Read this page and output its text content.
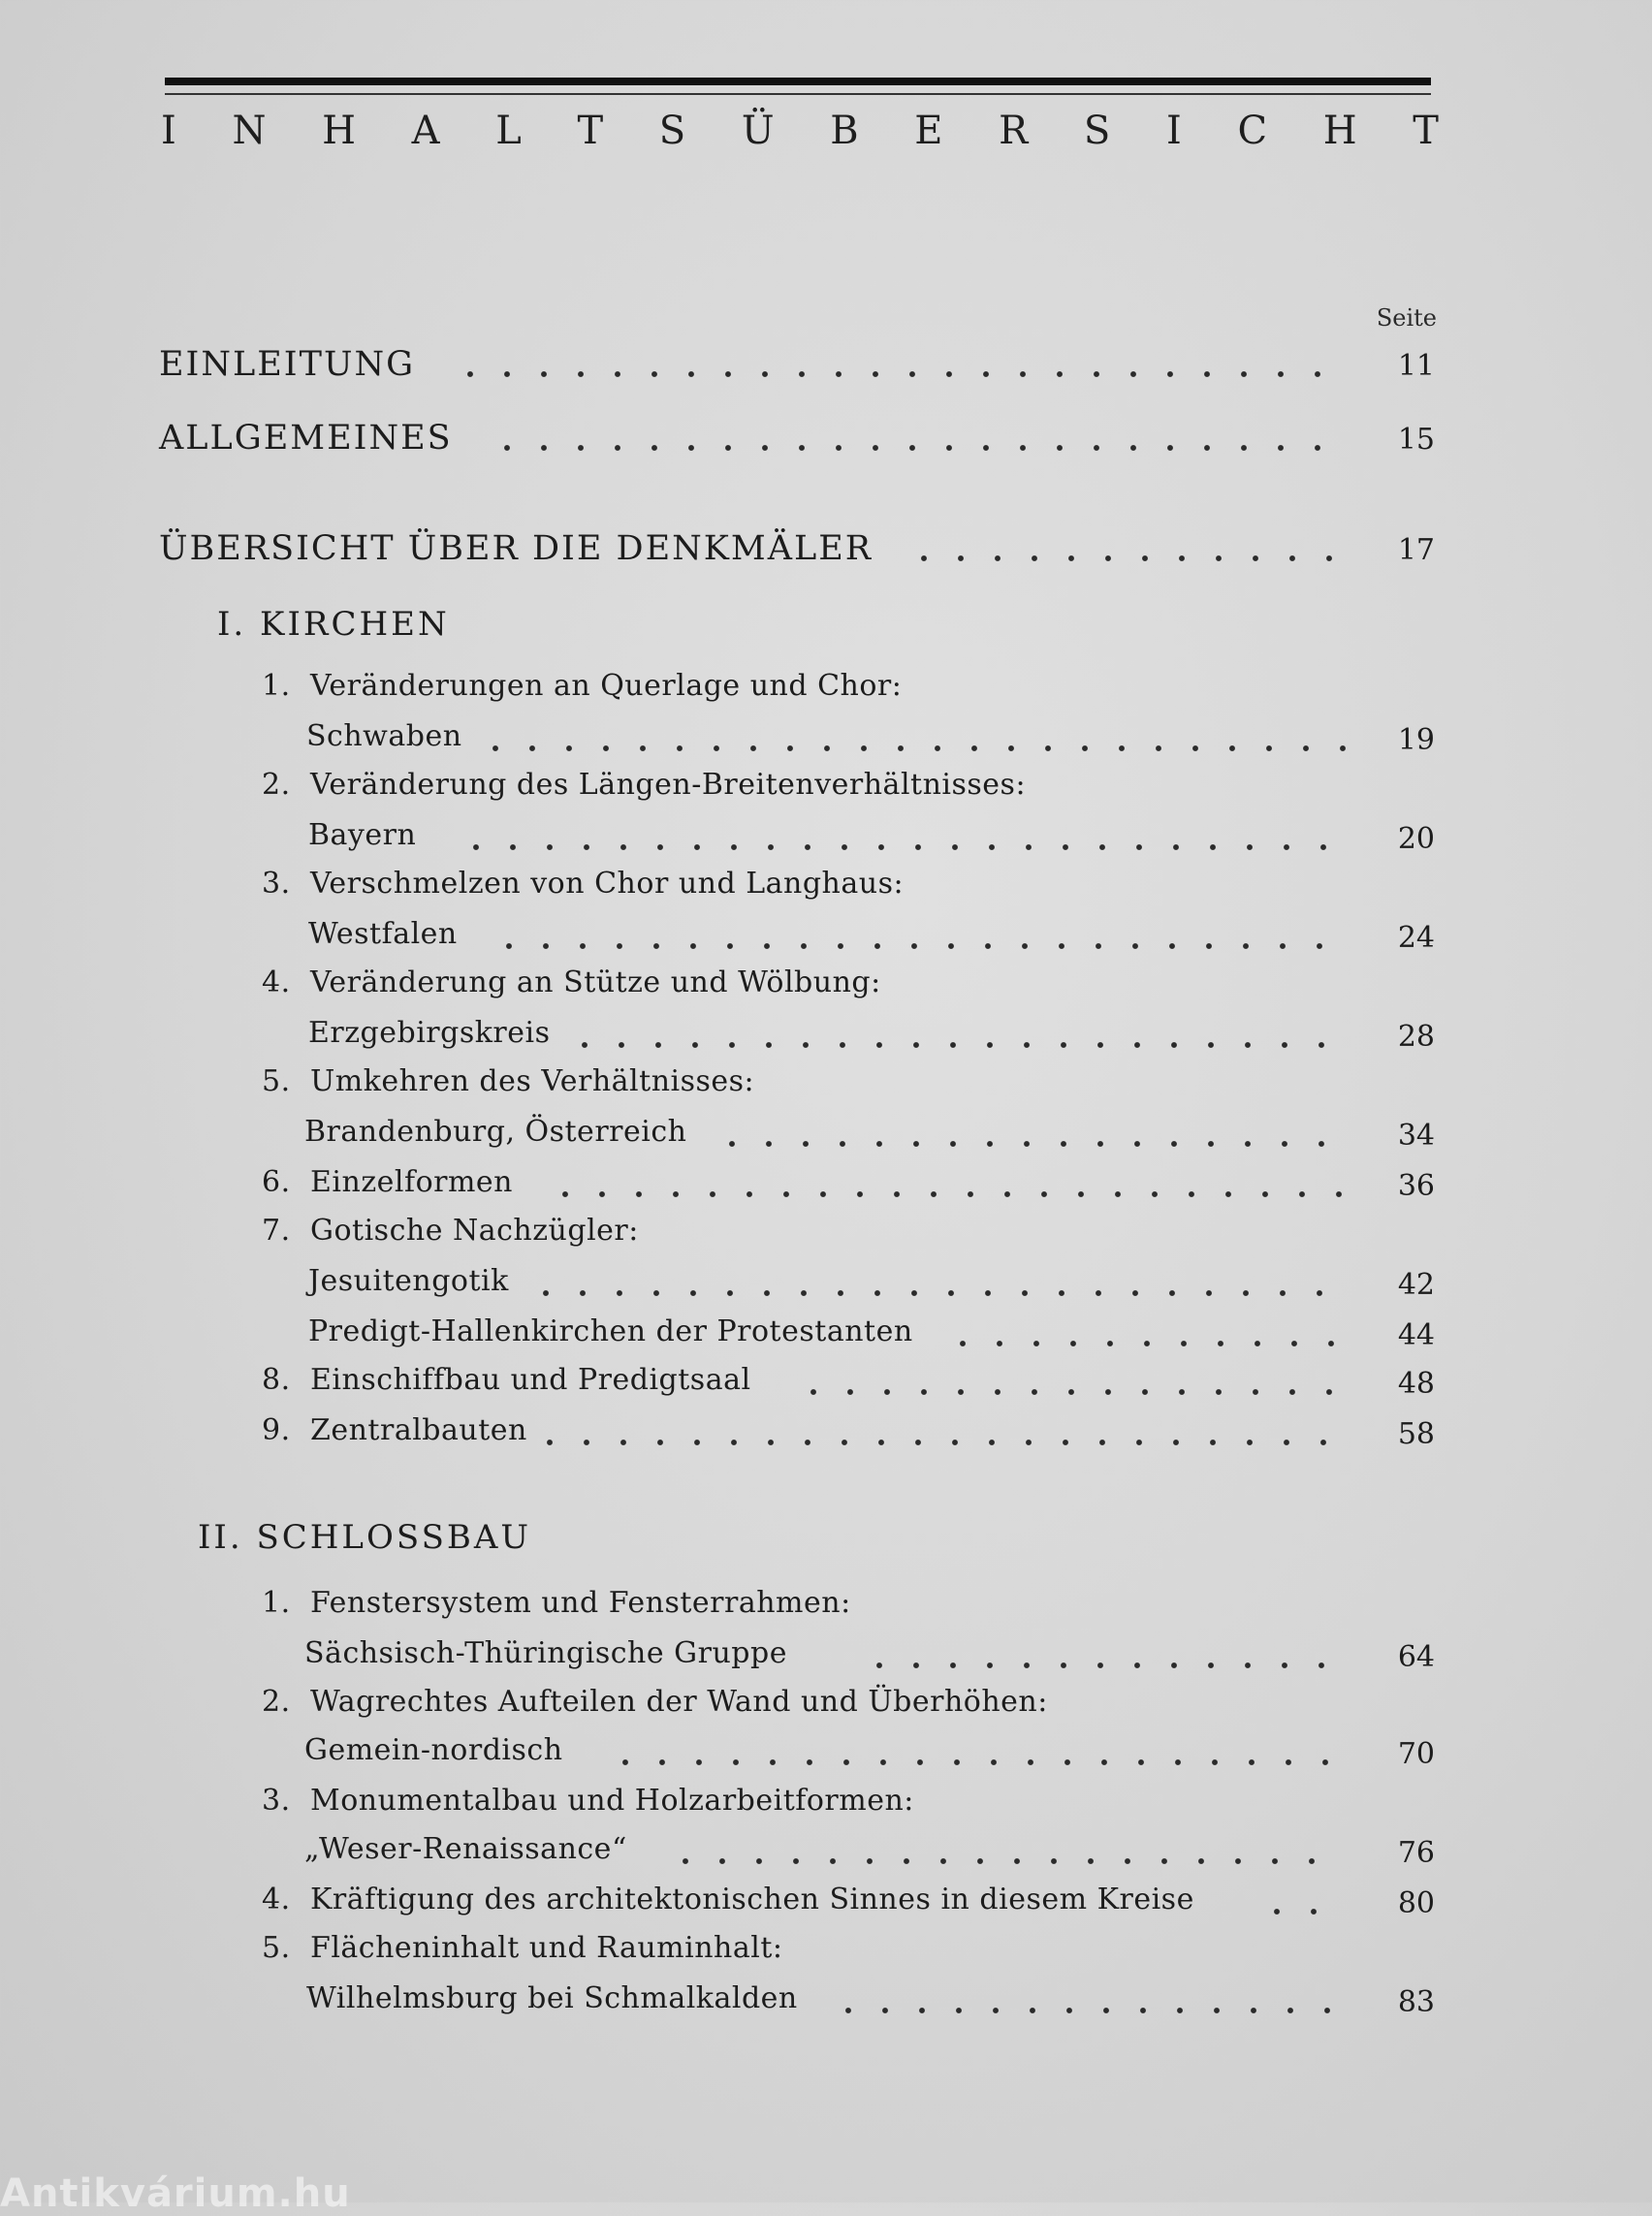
I N H A L T S Ü B E R S I C H T
Seite
EINLEITUNG	11
ALLGEMEINES	15
ÜBERSICHT ÜBER DIE DENKMÄLER	17
I. KIRCHEN
1. Veränderungen an Querlage und Chor:
Schwaben	19
2. Veränderung des Längen-Breitenverhältnisses:
Bayern	20
3. Verschmelzen von Chor und Langhaus:
Westfalen	24
4. Veränderung an Stütze und Wölbung:
Erzgebirgskreis	28
5. Umkehren des Verhältnisses:
Brandenburg, Österreich	34
6. Einzelformen	36
7. Gotische Nachzügler:
Jesuitengotik	42
Predigt-Hallenkirchen der Protestanten	44
8. Einschiffbau und Predigtsaal	48
9. Zentralbauten	58
II. SCHLOSSBAU
1. Fenstersystem und Fensterrahmen:
Sächsisch-Thüringische Gruppe	64
2. Wagrechtes Aufteilen der Wand und Überhöhen:
Gemein-nordisch	70
3. Monumentalbau und Holzarbeitformen:
„Weser-Renaissance“	76
4. Kräftigung des architektonischen Sinnes in diesem Kreise	80
5. Flächeninhalt und Rauminhalt:
Wilhelmsburg bei Schmalkalden	83
Antikvárium.hu
